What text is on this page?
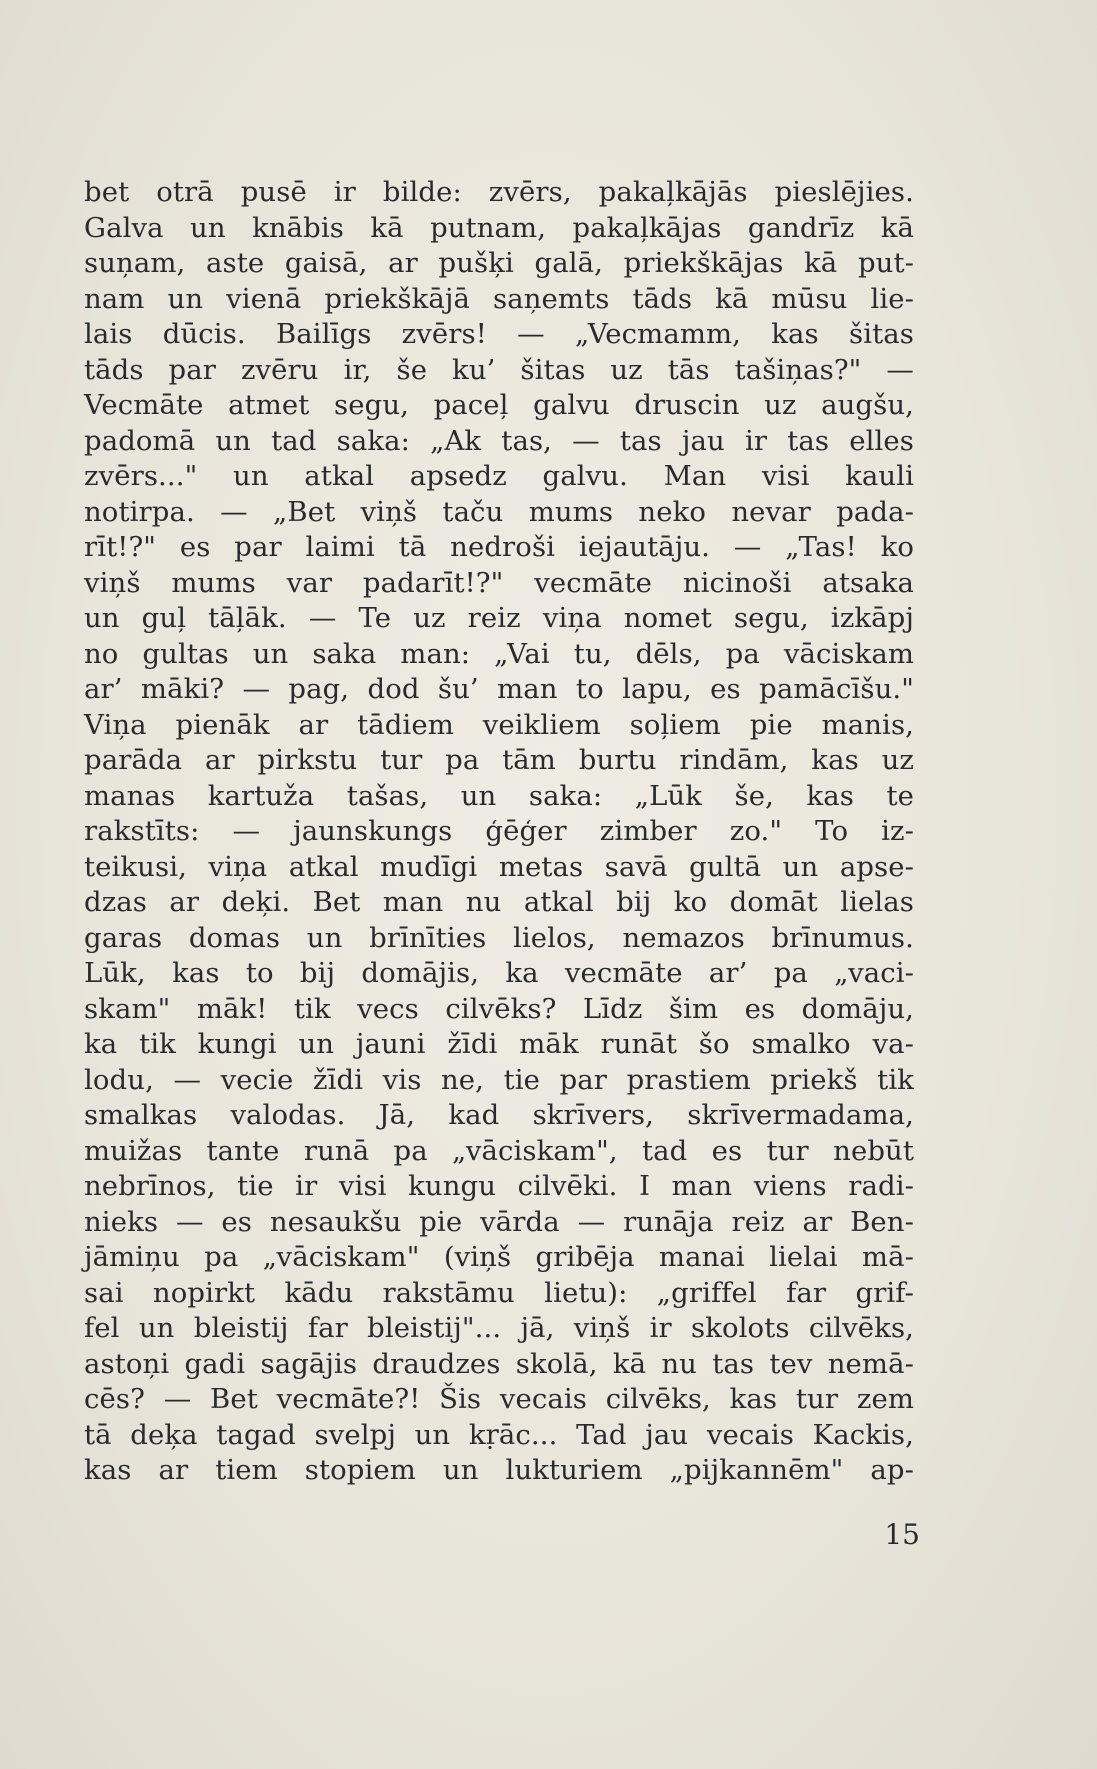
bet otrā pusē ir bilde: zvērs, pakaļkājās pieslējies.
Galva un knābis kā putnam, pakaļkājas gandrīz kā
suņam, aste gaisā, ar pušķi galā, priekškājas kā put-
nam un vienā priekškājā saņemts tāds kā mūsu lie-
lais dūcis. Bailīgs zvērs! — „Vecmamm, kas šitas
tāds par zvēru ir, še ku’ šitas uz tās tašiņas?" —
Vecmāte atmet segu, paceļ galvu druscin uz augšu,
padomā un tad saka: „Ak tas, — tas jau ir tas elles
zvērs..." un atkal apsedz galvu. Man visi kauli
notirpa. — „Bet viņš taču mums neko nevar pada-
rīt!?" es par laimi tā nedroši iejautāju. — „Tas! ko
viņš mums var padarīt!?" vecmāte nicinoši atsaka
un guļ tāļāk. — Te uz reiz viņa nomet segu, izkāpj
no gultas un saka man: „Vai tu, dēls, pa vāciskam
ar’ māki? — pag, dod šu’ man to lapu, es pamācīšu."
Viņa pienāk ar tādiem veikliem soļiem pie manis,
parāda ar pirkstu tur pa tām burtu rindām, kas uz
manas kartuža tašas, un saka: „Lūk še, kas te
rakstīts: — jaunskungs ģēģer zimber zo." To iz-
teikusi, viņa atkal mudīgi metas savā gultā un apse-
dzas ar deķi. Bet man nu atkal bij ko domāt lielas
garas domas un brīnīties lielos, nemazos brīnumus.
Lūk, kas to bij domājis, ka vecmāte ar’ pa „vaci-
skam" māk! tik vecs cilvēks? Līdz šim es domāju,
ka tik kungi un jauni žīdi māk runāt šo smalko va-
lodu, — vecie žīdi vis ne, tie par prastiem priekš tik
smalkas valodas. Jā, kad skrīvers, skrīvermadama,
muižas tante runā pa „vāciskam", tad es tur nebūt
nebrīnos, tie ir visi kungu cilvēki. I man viens radi-
nieks — es nesaukšu pie vārda — runāja reiz ar Ben-
jāmiņu pa „vāciskam" (viņš gribēja manai lielai mā-
sai nopirkt kādu rakstāmu lietu): „griffel far grif-
fel un bleistij far bleistij"... jā, viņš ir skolots cilvēks,
astoņi gadi sagājis draudzes skolā, kā nu tas tev nemā-
cēs? — Bet vecmāte?! Šis vecais cilvēks, kas tur zem
tā deķa tagad svelpj un kṛāc... Tad jau vecais Kackis,
kas ar tiem stopiem un lukturiem „pijkannēm" ap-
15
